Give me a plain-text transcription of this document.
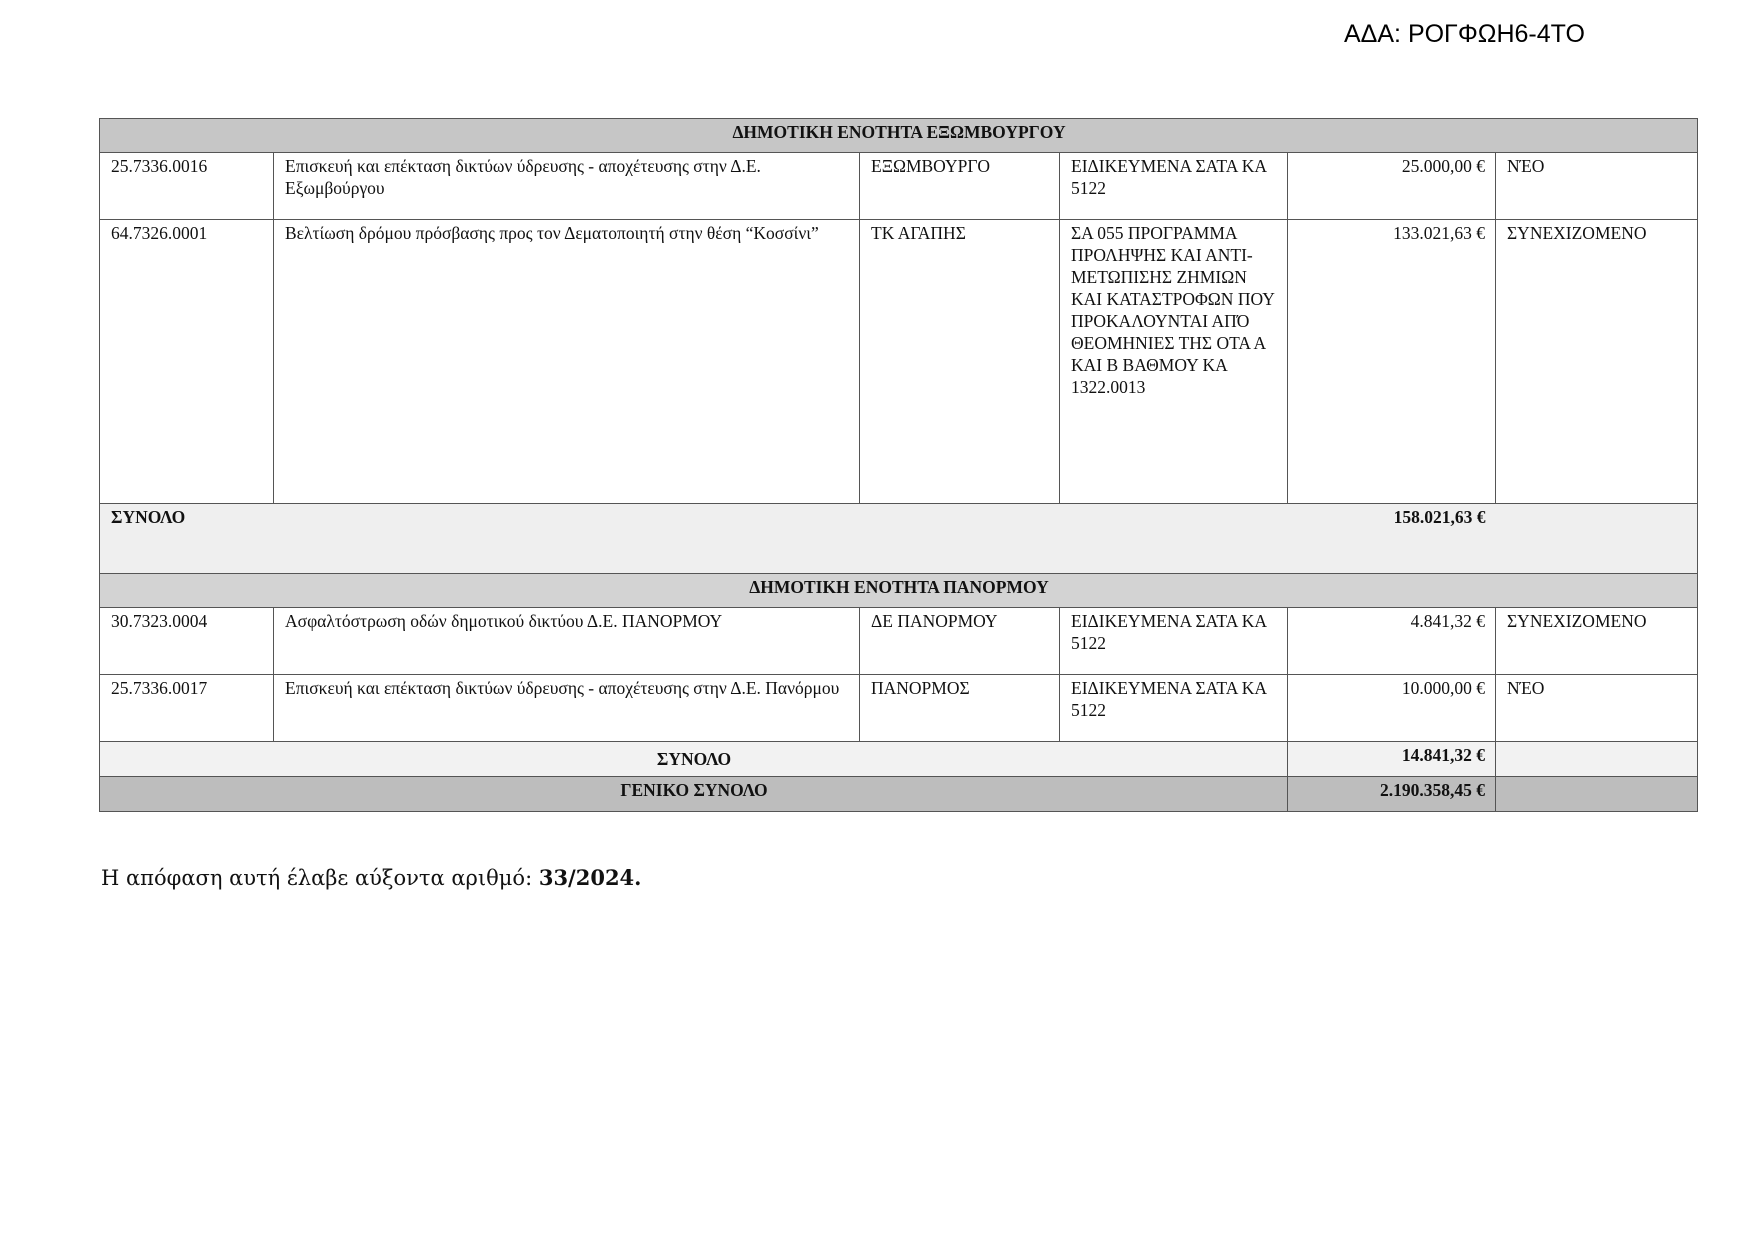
ΑΔΑ: ΡΟΓΦΩΗ6-4ΤΟ
ΔΗΜΟΤΙΚΗ ΕΝΟΤΗΤΑ ΕΞΩΜΒΟΥΡΓΟΥ					
25.7336.0016	Επισκευή και επέκταση δικτύων ύδρευσης - αποχέτευσης στην Δ.Ε. Εξωμβούργου	ΕΞΩΜΒΟΥΡΓΟ	ΕΙΔΙΚΕΥΜΕΝΑ ΣΑΤΑ ΚΑ 5122	25.000,00 €	ΝΈΟ
64.7326.0001	Βελτίωση δρόμου πρόσβασης προς τον Δεματοποιητή στην θέση “Κοσσίνι”	ΤΚ ΑΓΑΠΗΣ	ΣΑ 055 ΠΡΟΓΡΑΜΜΑ ΠΡΟΛΗΨΗΣ ΚΑΙ ΑΝΤΙ-ΜΕΤΩΠΙΣΗΣ ΖΗΜΙΩΝ ΚΑΙ ΚΑΤΑΣΤΡΟΦΩΝ ΠΟΥ ΠΡΟΚΑΛΟΥΝΤΑΙ ΑΠΌ ΘΕΟΜΗΝΙΕΣ ΤΗΣ ΟΤΑ Α ΚΑΙ Β ΒΑΘΜΟΥ ΚΑ 1322.0013	133.021,63 €	ΣΥΝΕΧΙΖΟΜΕΝΟ
ΣΥΝΟΛΟ				158.021,63 €	
ΔΗΜΟΤΙΚΗ ΕΝΟΤΗΤΑ ΠΑΝΟΡΜΟΥ					
30.7323.0004	Ασφαλτόστρωση οδών δημοτικού δικτύου Δ.Ε. ΠΑΝΟΡΜΟΥ	ΔΕ ΠΑΝΟΡΜΟΥ	ΕΙΔΙΚΕΥΜΕΝΑ ΣΑΤΑ ΚΑ 5122	4.841,32 €	ΣΥΝΕΧΙΖΟΜΕΝΟ
25.7336.0017	Επισκευή και επέκταση δικτύων ύδρευσης - αποχέτευσης στην Δ.Ε. Πανόρμου	ΠΑΝΟΡΜΟΣ	ΕΙΔΙΚΕΥΜΕΝΑ ΣΑΤΑ ΚΑ 5122	10.000,00 €	ΝΈΟ
ΣΥΝΟΛΟ				14.841,32 €	
ΓΕΝΙΚΟ ΣΥΝΟΛΟ				2.190.358,45 €	
Η απόφαση αυτή έλαβε αύξοντα αριθμό: 33/2024.
